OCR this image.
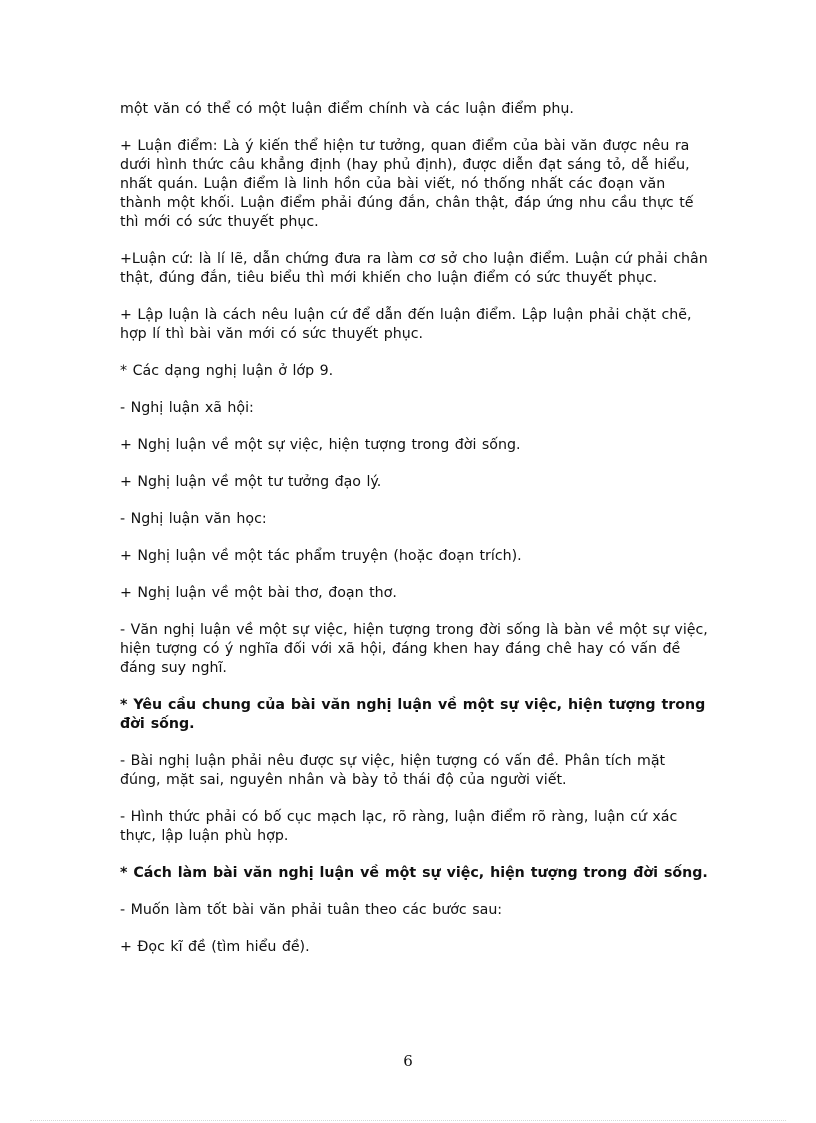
một văn có thể có một luận điểm chính và các luận điểm phụ.

+ Luận điểm: Là ý kiến thể hiện tư tưởng, quan điểm của bài văn được nêu ra dưới hình thức câu khẳng định (hay phủ định), được diễn đạt sáng tỏ, dễ hiểu, nhất quán. Luận điểm là linh hồn của bài viết, nó thống nhất các đoạn văn thành một khối. Luận điểm phải đúng đắn, chân thật, đáp ứng nhu cầu thực tế thì mới có sức thuyết phục.

+Luận cứ: là lí lẽ, dẫn chứng đưa ra làm cơ sở cho luận điểm. Luận cứ phải chân thật, đúng đắn, tiêu biểu thì mới khiến cho luận điểm có sức thuyết phục.

+ Lập luận là cách nêu luận cứ để dẫn đến luận điểm. Lập luận phải chặt chẽ, hợp lí thì bài văn mới có sức thuyết phục.

* Các dạng nghị luận ở lớp 9.

- Nghị luận xã hội:

+ Nghị luận về một sự việc, hiện tượng trong đời sống.

+ Nghị luận về một tư tưởng đạo lý.

- Nghị luận văn học:

+ Nghị luận về một tác phẩm truyện (hoặc đoạn trích).

+ Nghị luận về một bài thơ, đoạn thơ.

- Văn nghị luận về một sự việc, hiện tượng trong đời sống là bàn về một sự việc, hiện tượng có ý nghĩa đối với xã hội, đáng khen hay đáng chê hay có vấn đề đáng suy nghĩ.

* Yêu cầu chung của bài văn nghị luận về một sự việc, hiện tượng trong đời sống.

- Bài nghị luận phải nêu được sự việc, hiện tượng có vấn đề. Phân tích mặt đúng, mặt sai, nguyên nhân và bày tỏ thái độ của người viết.

- Hình thức phải có bố cục mạch lạc, rõ ràng, luận điểm rõ ràng, luận cứ xác thực, lập luận phù hợp.

* Cách làm bài văn nghị luận về một sự việc, hiện tượng trong đời sống.

- Muốn làm tốt bài văn phải tuân theo các bước sau:

+ Đọc kĩ đề (tìm hiểu đề).

6
